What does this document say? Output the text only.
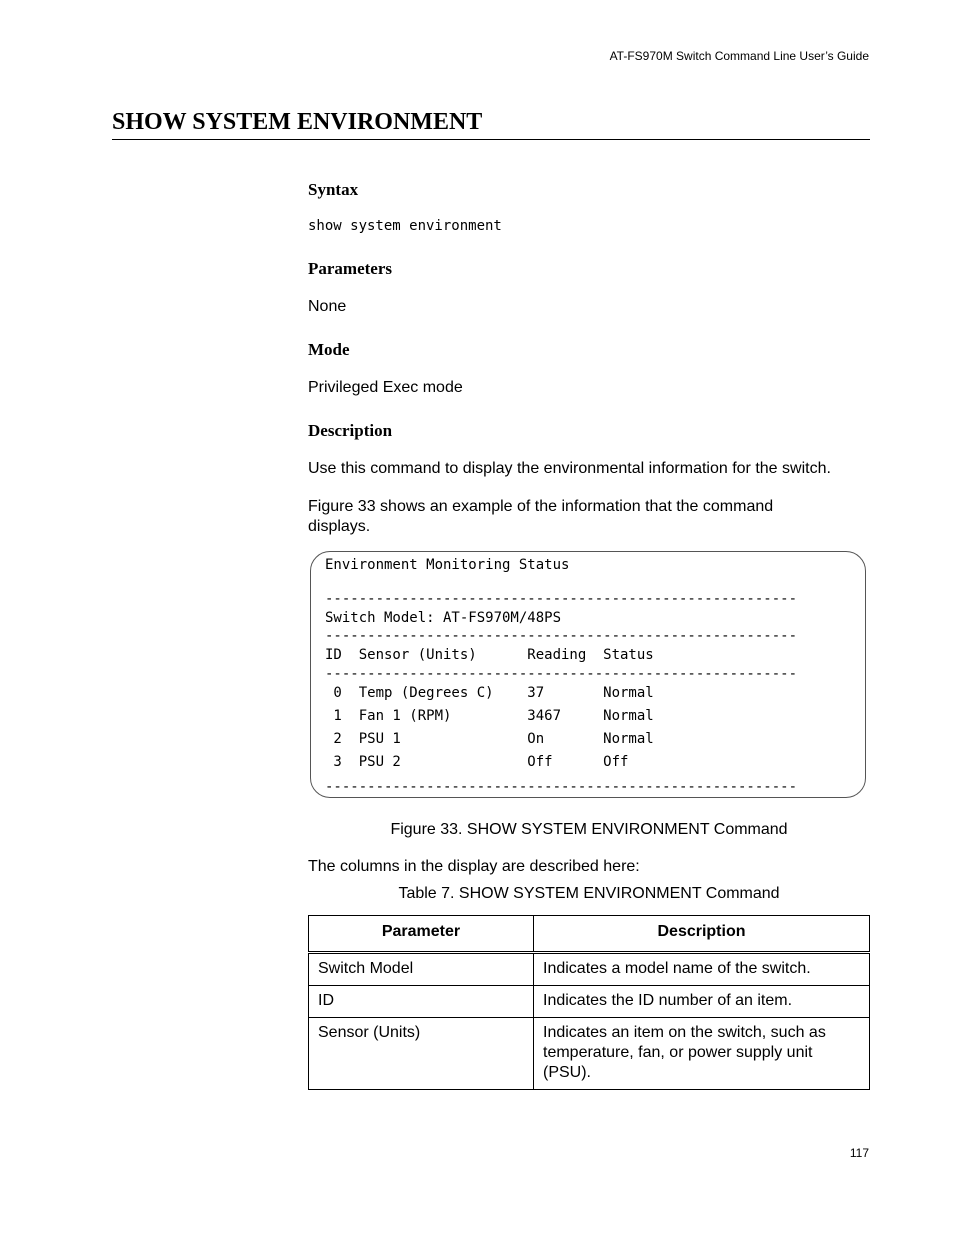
AT-FS970M Switch Command Line User’s Guide
SHOW SYSTEM ENVIRONMENT
Syntax
show system environment
Parameters

None

Mode

Privileged Exec mode

Description

Use this command to display the environmental information for the switch.

Figure 33 shows an example of the information that the command displays.

Environment Monitoring Status
--------------------------------------------------------
Switch Model: AT-FS970M/48PS
--------------------------------------------------------
ID  Sensor (Units)      Reading  Status
--------------------------------------------------------
0  Temp (Degrees C)    37       Normal
1  Fan 1 (RPM)         3467     Normal
2  PSU 1               On       Normal
3  PSU 2               Off      Off
--------------------------------------------------------
Figure 33. SHOW SYSTEM ENVIRONMENT Command

The columns in the display are described here:

Table 7. SHOW SYSTEM ENVIRONMENT Command
Parameter	Description
Switch Model	Indicates a model name of the switch.
ID	Indicates the ID number of an item.
Sensor (Units)	Indicates an item on the switch, such as temperature, fan, or power supply unit (PSU).
117
